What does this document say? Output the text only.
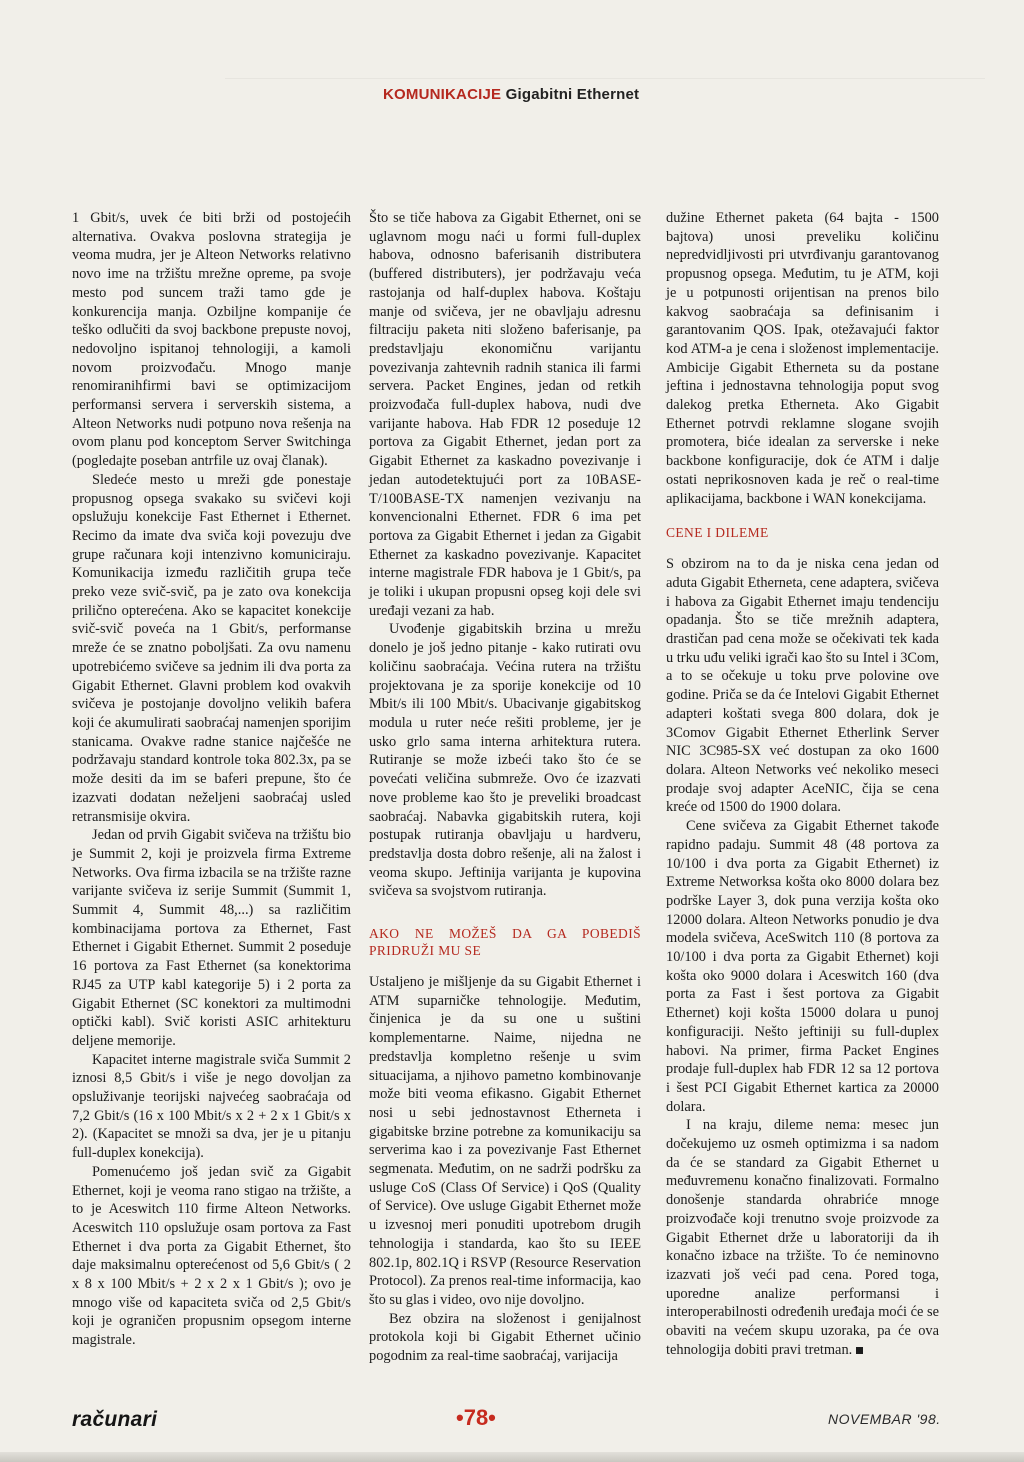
KOMUNIKACIJE Gigabitni Ethernet

1 Gbit/s, uvek će biti brži od postojećih alternativa. Ovakva poslovna strategija je veoma mudra, jer je Alteon Networks relativno novo ime na tržištu mrežne opreme, pa svoje mesto pod suncem traži tamo gde je konkurencija manja. Ozbiljne kompanije će teško odlučiti da svoj backbone prepuste novoj, nedovoljno ispitanoj tehnologiji, a kamoli novom proizvođaču. Mnogo manje renomiranihfirmi bavi se optimizacijom performansi servera i serverskih sistema, a Alteon Networks nudi potpuno nova rešenja na ovom planu pod konceptom Server Switchinga (pogledajte poseban antrfile uz ovaj članak).

Sledeće mesto u mreži gde ponestaje propusnog opsega svakako su svičevi koji opslužuju konekcije Fast Ethernet i Ethernet. Recimo da imate dva sviča koji povezuju dve grupe računara koji intenzivno komuniciraju. Komunikacija između različitih grupa teče preko veze svič-svič, pa je zato ova konekcija prilično opterećena. Ako se kapacitet konekcije svič-svič poveća na 1 Gbit/s, performanse mreže će se znatno poboljšati. Za ovu namenu upotrebićemo svičeve sa jednim ili dva porta za Gigabit Ethernet. Glavni problem kod ovakvih svičeva je postojanje dovoljno velikih bafera koji će akumulirati saobraćaj namenjen sporijim stanicama. Ovakve radne stanice najčešće ne podržavaju standard kontrole toka 802.3x, pa se može desiti da im se baferi prepune, što će izazvati dodatan neželjeni saobraćaj usled retransmisije okvira.

Jedan od prvih Gigabit svičeva na tržištu bio je Summit 2, koji je proizvela firma Extreme Networks. Ova firma izbacila se na tržište razne varijante svičeva iz serije Summit (Summit 1, Summit 4, Summit 48,...) sa različitim kombinacijama portova za Ethernet, Fast Ethernet i Gigabit Ethernet. Summit 2 poseduje 16 portova za Fast Ethernet (sa konektorima RJ45 za UTP kabl kategorije 5) i 2 porta za Gigabit Ethernet (SC konektori za multimodni optički kabl). Svič koristi ASIC arhitekturu deljene memorije.

Kapacitet interne magistrale sviča Summit 2 iznosi 8,5 Gbit/s i više je nego dovoljan za opsluživanje teorijski najvećeg saobraćaja od 7,2 Gbit/s (16 x 100 Mbit/s x 2 + 2 x 1 Gbit/s x 2). (Kapacitet se množi sa dva, jer je u pitanju full-duplex konekcija).

Pomenućemo još jedan svič za Gigabit Ethernet, koji je veoma rano stigao na tržište, a to je Aceswitch 110 firme Alteon Networks. Aceswitch 110 opslužuje osam portova za Fast Ethernet i dva porta za Gigabit Ethernet, što daje maksimalnu opterećenost od 5,6 Gbit/s ( 2 x 8 x 100 Mbit/s + 2 x 2 x 1 Gbit/s ); ovo je mnogo više od kapaciteta sviča od 2,5 Gbit/s koji je ograničen propusnim opsegom interne magistrale.

Što se tiče habova za Gigabit Ethernet, oni se uglavnom mogu naći u formi full-duplex habova, odnosno baferisanih distributera (buffered distributers), jer podržavaju veća rastojanja od half-duplex habova. Koštaju manje od svičeva, jer ne obavljaju adresnu filtraciju paketa niti složeno baferisanje, pa predstavljaju ekonomičnu varijantu povezivanja zahtevnih radnih stanica ili farmi servera. Packet Engines, jedan od retkih proizvođača full-duplex habova, nudi dve varijante habova. Hab FDR 12 poseduje 12 portova za Gigabit Ethernet, jedan port za Gigabit Ethernet za kaskadno povezivanje i jedan autodetektujući port za 10BASE-T/100BASE-TX namenjen vezivanju na konvencionalni Ethernet. FDR 6 ima pet portova za Gigabit Ethernet i jedan za Gigabit Ethernet za kaskadno povezivanje. Kapacitet interne magistrale FDR habova je 1 Gbit/s, pa je toliki i ukupan propusni opseg koji dele svi uređaji vezani za hab.

Uvođenje gigabitskih brzina u mrežu donelo je još jedno pitanje - kako rutirati ovu količinu saobraćaja. Većina rutera na tržištu projektovana je za sporije konekcije od 10 Mbit/s ili 100 Mbit/s. Ubacivanje gigabitskog modula u ruter neće rešiti probleme, jer je usko grlo sama interna arhitektura rutera. Rutiranje se može izbeći tako što će se povećati veličina submreže. Ovo će izazvati nove probleme kao što je preveliki broadcast saobraćaj. Nabavka gigabitskih rutera, koji postupak rutiranja obavljaju u hardveru, predstavlja dosta dobro rešenje, ali na žalost i veoma skupo. Jeftinija varijanta je kupovina svičeva sa svojstvom rutiranja.

AKO NE MOŽEŠ DA GA POBEDIŠ PRIDRUŽI MU SE

Ustaljeno je mišljenje da su Gigabit Ethernet i ATM suparničke tehnologije. Međutim, činjenica je da su one u suštini komplementarne. Naime, nijedna ne predstavlja kompletno rešenje u svim situacijama, a njihovo pametno kombinovanje može biti veoma efikasno. Gigabit Ethernet nosi u sebi jednostavnost Etherneta i gigabitske brzine potrebne za komunikaciju sa serverima kao i za povezivanje Fast Ethernet segmenata. Međutim, on ne sadrži podršku za usluge CoS (Class Of Service) i QoS (Quality of Service). Ove usluge Gigabit Ethernet može u izvesnoj meri ponuditi upotrebom drugih tehnologija i standarda, kao što su IEEE 802.1p, 802.1Q i RSVP (Resource Reservation Protocol). Za prenos real-time informacija, kao što su glas i video, ovo nije dovoljno.

Bez obzira na složenost i genijalnost protokola koji bi Gigabit Ethernet učinio pogodnim za real-time saobraćaj, varijacija

dužine Ethernet paketa (64 bajta - 1500 bajtova) unosi preveliku količinu nepredvidljivosti pri utvrđivanju garantovanog propusnog opsega. Međutim, tu je ATM, koji je u potpunosti orijentisan na prenos bilo kakvog saobraćaja sa definisanim i garantovanim QOS. Ipak, otežavajući faktor kod ATM-a je cena i složenost implementacije. Ambicije Gigabit Etherneta su da postane jeftina i jednostavna tehnologija poput svog dalekog pretka Etherneta. Ako Gigabit Ethernet potrvdi reklamne slogane svojih promotera, biće idealan za serverske i neke backbone konfiguracije, dok će ATM i dalje ostati neprikosnoven kada je reč o real-time aplikacijama, backbone i WAN konekcijama.

CENE I DILEME

S obzirom na to da je niska cena jedan od aduta Gigabit Etherneta, cene adaptera, svičeva i habova za Gigabit Ethernet imaju tendenciju opadanja. Što se tiče mrežnih adaptera, drastičan pad cena može se očekivati tek kada u trku uđu veliki igrači kao što su Intel i 3Com, a to se očekuje u toku prve polovine ove godine. Priča se da će Intelovi Gigabit Ethernet adapteri koštati svega 800 dolara, dok je 3Comov Gigabit Ethernet Etherlink Server NIC 3C985-SX već dostupan za oko 1600 dolara. Alteon Networks već nekoliko meseci prodaje svoj adapter AceNIC, čija se cena kreće od 1500 do 1900 dolara.

Cene svičeva za Gigabit Ethernet takođe rapidno padaju. Summit 48 (48 portova za 10/100 i dva porta za Gigabit Ethernet) iz Extreme Networksa košta oko 8000 dolara bez podrške Layer 3, dok puna verzija košta oko 12000 dolara. Alteon Networks ponudio je dva modela svičeva, AceSwitch 110 (8 portova za 10/100 i dva porta za Gigabit Ethernet) koji košta oko 9000 dolara i Aceswitch 160 (dva porta za Fast i šest portova za Gigabit Ethernet) koji košta 15000 dolara u punoj konfiguraciji. Nešto jeftiniji su full-duplex habovi. Na primer, firma Packet Engines prodaje full-duplex hab FDR 12 sa 12 portova i šest PCI Gigabit Ethernet kartica za 20000 dolara.

I na kraju, dileme nema: mesec jun dočekujemo uz osmeh optimizma i sa nadom da će se standard za Gigabit Ethernet u međuvremenu konačno finalizovati. Formalno donošenje standarda ohrabriće mnoge proizvođače koji trenutno svoje proizvode za Gigabit Ethernet drže u laboratoriji da ih konačno izbace na tržište. To će neminovno izazvati još veći pad cena. Pored toga, uporedne analize performansi i interoperabilnosti određenih uređaja moći će se obaviti na većem skupu uzoraka, pa će ova tehnologija dobiti pravi tretman.

računari	•78•	NOVEMBAR '98.
